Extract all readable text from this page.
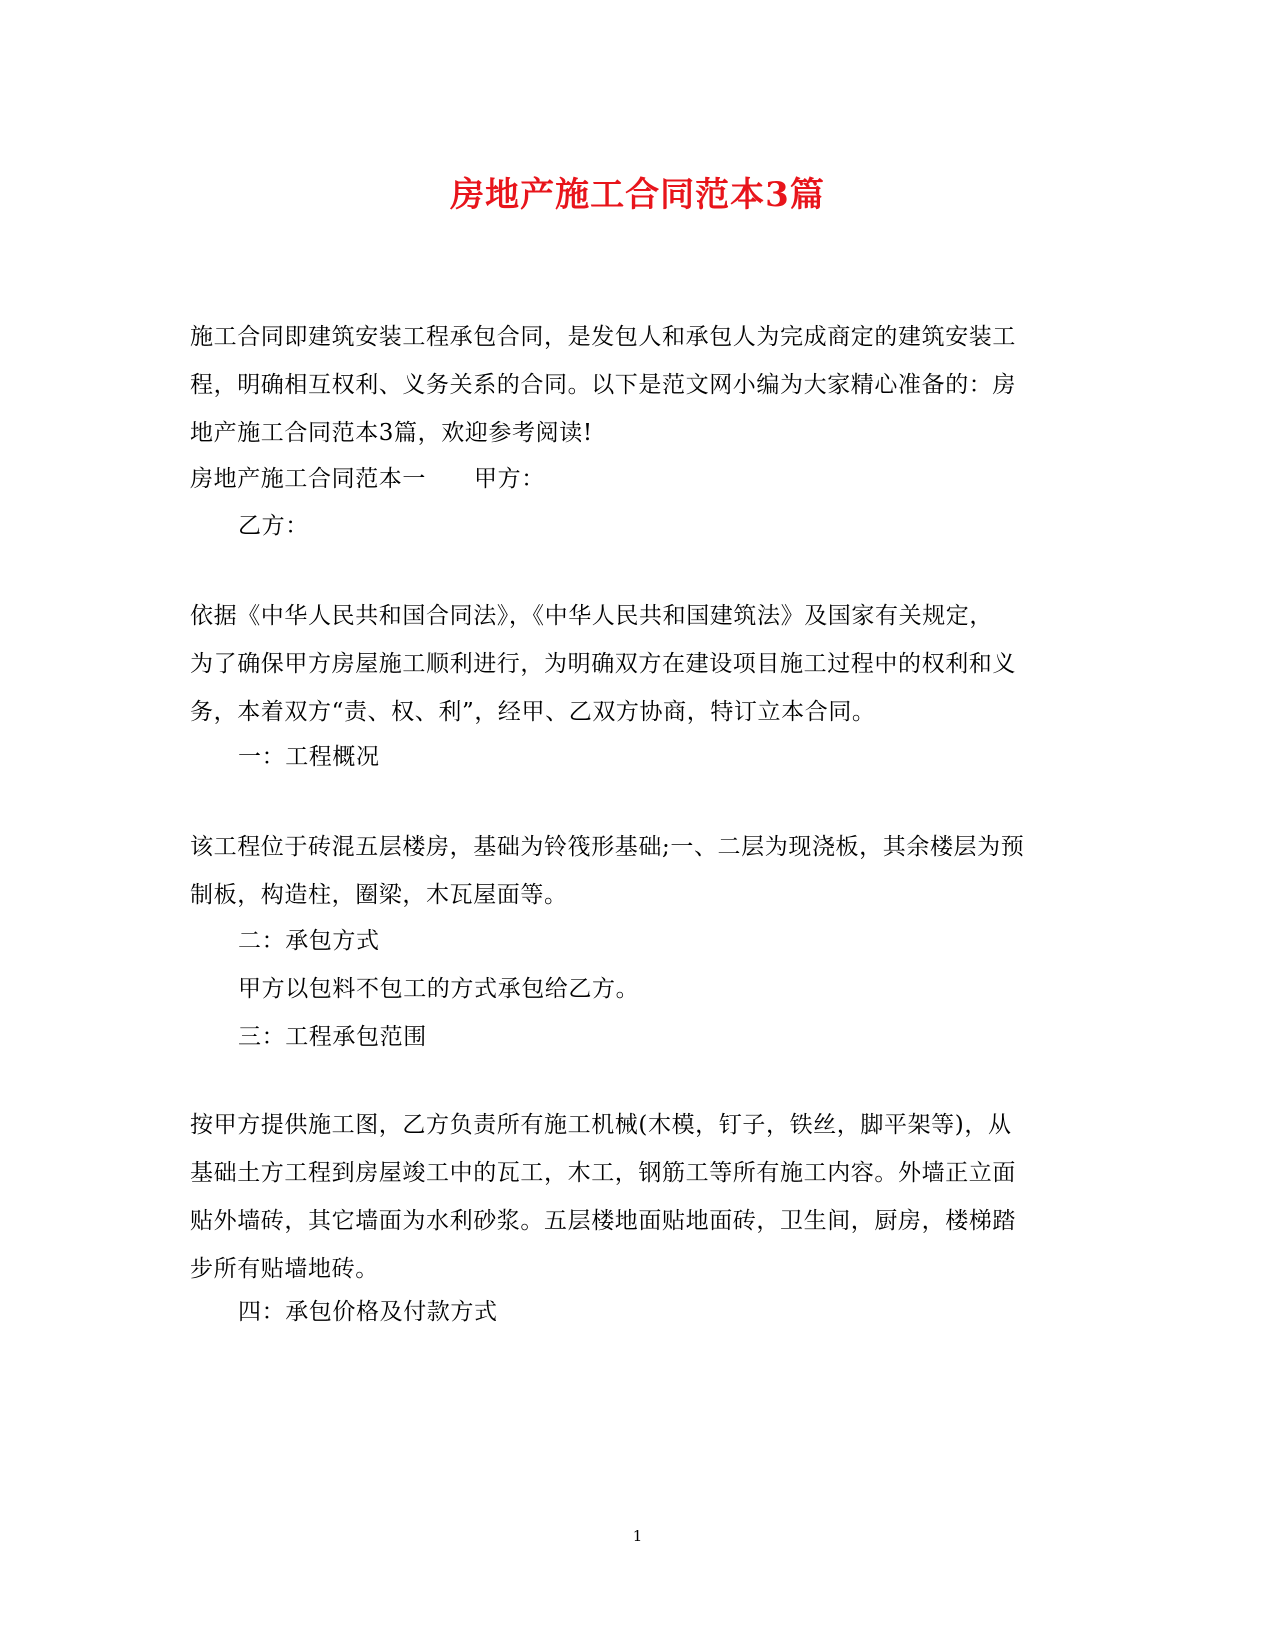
房地产施工合同范本3篇
施工合同即建筑安装工程承包合同，是发包人和承包人为完成商定的建筑安装工
程，明确相互权利、义务关系的合同。以下是范文网小编为大家精心准备的：房
地产施工合同范本3篇，欢迎参考阅读!
房地产施工合同范本一 甲方：
乙方：
依据《中华人民共和国合同法》，《中华人民共和国建筑法》及国家有关规定，
为了确保甲方房屋施工顺利进行，为明确双方在建设项目施工过程中的权利和义
务，本着双方“责、权、利”，经甲、乙双方协商，特订立本合同。
一：工程概况
该工程位于砖混五层楼房，基础为铃筏形基础;一、二层为现浇板，其余楼层为预
制板，构造柱，圈梁，木瓦屋面等。
二：承包方式
甲方以包料不包工的方式承包给乙方。
三：工程承包范围
按甲方提供施工图，乙方负责所有施工机械(木模，钉子，铁丝，脚平架等)，从
基础土方工程到房屋竣工中的瓦工，木工，钢筋工等所有施工内容。外墙正立面
贴外墙砖，其它墙面为水利砂浆。五层楼地面贴地面砖，卫生间，厨房，楼梯踏
步所有贴墙地砖。
四：承包价格及付款方式
1
